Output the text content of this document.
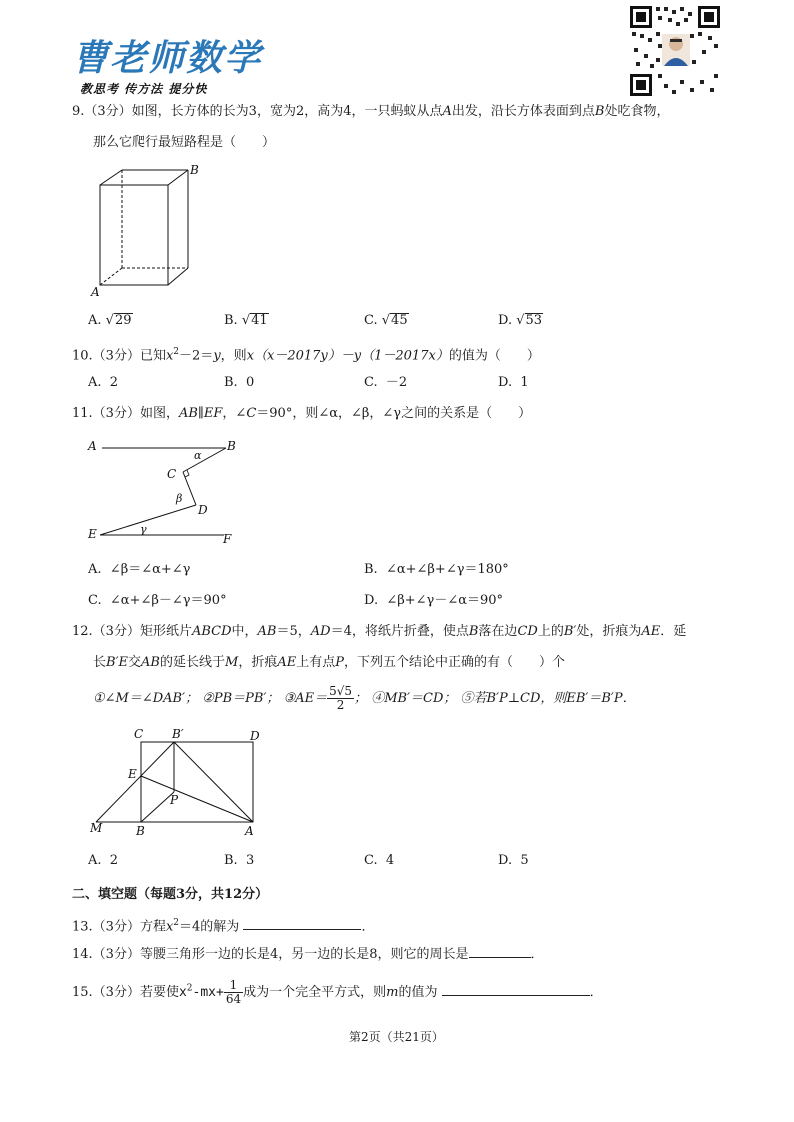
曹老师数学
教思考 传方法 提分快
9.（3分）如图，长方体的长为3，宽为2，高为4，一只蚂蚁从点A出发，沿长方体表面到点B处吃食物，
那么它爬行最短路程是（　　）
B
A
A. √29	B. √41	C. √45	D. √53
10.（3分）已知$x^2-2=y$，则x（x－2017y）－y（1－2017x）的值为（　　）
A. 2	B. 0	C. －2	D. 1
11.（3分）如图，AB∥EF，∠C＝90°，则∠α，∠β，∠γ之间的关系是（　　）
A	B
C
D
E	F
α
β
γ
A. ∠β＝∠α+∠γ	B. ∠α+∠β+∠γ＝180°
C. ∠α+∠β－∠γ＝90°	D. ∠β+∠γ－∠α＝90°
12.（3分）矩形纸片ABCD中，AB＝5，AD＝4，将纸片折叠，使点B落在边CD上的B′处，折痕为AE．延
长B′E交AB的延长线于M，折痕AE上有点P，下列五个结论中正确的有（　　）个
①∠M＝∠DAB′； ②PB＝PB′； ③AE＝ $\frac{5√5}{2}$ ； ④MB′＝CD； ⑤若B′P⊥CD，则EB′＝B′P．
C B′	D
E
P
M	B	A
A. 2	B. 3	C. 4	D. 5
二、填空题（每题3分，共12分）
13.（3分）方程$x^2=4$的解为	．
14.（3分）等腰三角形一边的长是4，另一边的长是8，则它的周长是	．
15.（3分）若要使$x^2-mx+ \frac{1}{64}$ 成为一个完全平方式，则m的值为	．
第2页（共21页）
